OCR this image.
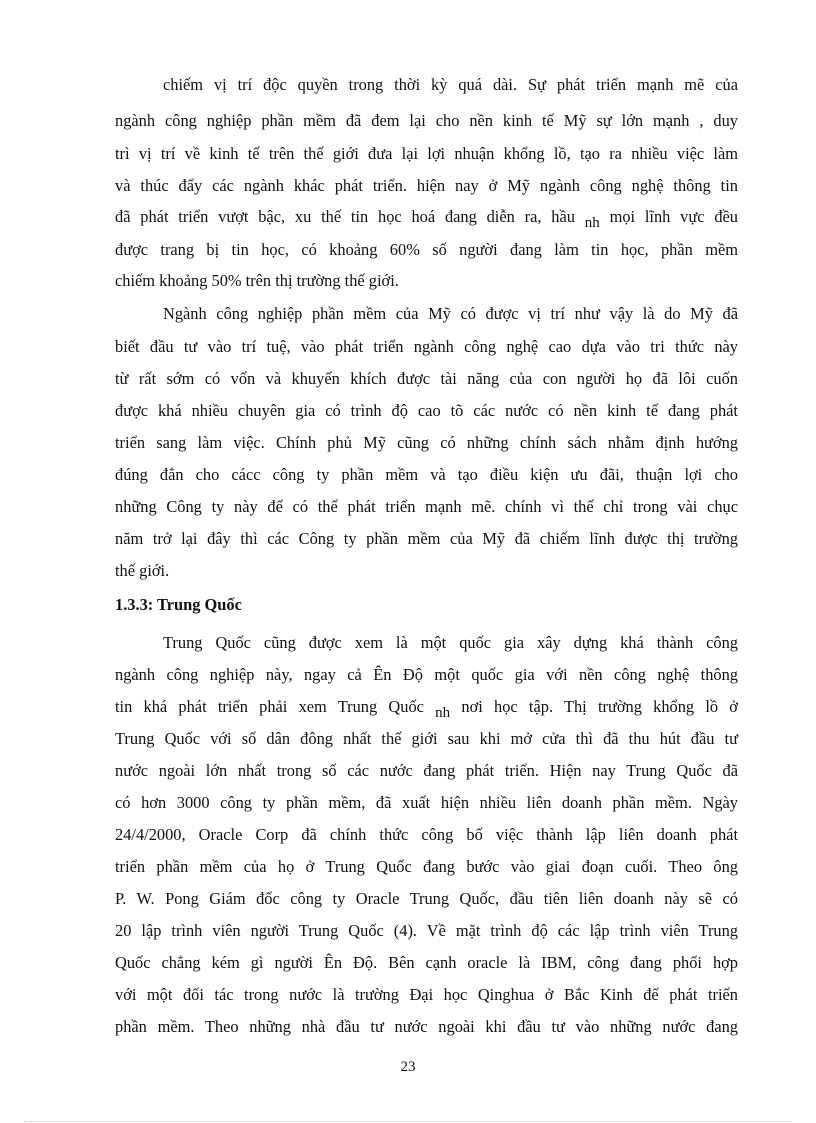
chiếm vị trí độc quyền trong thời kỳ quá dài. Sự phát triển mạnh mẽ của
ngành công nghiệp phần mềm đã đem lại cho nền kinh tế Mỹ sự lớn mạnh , duy
trì vị trí về kinh tế trên thế giới đưa lại lợi nhuận khổng lồ, tạo ra nhiều việc làm
và thúc đẩy các ngành khác phát triển. hiện nay ở Mỹ ngành công nghệ thông tin
đã phát triển vượt bậc, xu thế tin học hoá đang diễn ra, hầu nh mọi lĩnh vực đều
được trang bị tin học, có khoảng 60% số người đang làm tin học, phần mềm
chiếm khoảng 50% trên thị trường thế giới.
Ngành công nghiệp phần mềm của Mỹ có được vị trí như vậy là do Mỹ đã
biết đầu tư vào trí tuệ, vào phát triển ngành công nghệ cao dựa vào tri thức này
từ rất sớm có vốn và khuyến khích được tài năng của con người họ đã lôi cuốn
được khá nhiều chuyên gia có trình độ cao tõ các nước có nền kinh tế đang phát
triển sang làm việc. Chính phủ Mỹ cũng có những chính sách nhằm định hướng
đúng đắn cho cácc công ty phần mềm và tạo điều kiện ưu đãi, thuận lợi cho
những Công ty này để có thể phát triển mạnh mẽ. chính vì thế chỉ trong vài chục
năm trở lại đây thì các Công ty phần mềm của Mỹ đã chiếm lĩnh được thị trường
thế giới.
1.3.3: Trung Quốc
Trung Quốc cũng được xem là một quốc gia xây dựng khá thành công
ngành công nghiệp này, ngay cả Ên Độ một quốc gia với nền công nghệ thông
tin khá phát triển phải xem Trung Quốc nh nơi học tập. Thị trường khổng lồ ở
Trung Quốc với số dân đông nhất thế giới sau khi mở cửa thì đã thu hút đầu tư
nước ngoài lớn nhất trong số các nước đang phát triển. Hiện nay Trung Quốc đã
có hơn 3000 công ty phần mềm, đã xuất hiện nhiều liên doanh phần mềm. Ngày
24/4/2000, Oracle Corp đã chính thức công bố việc thành lập liên doanh phát
triển phần mềm của họ ở Trung Quốc đang bước vào giai đoạn cuối. Theo ông
P. W. Pong Giám đốc công ty Oracle Trung Quốc, đầu tiên liên doanh này sẽ có
20 lập trình viên người Trung Quốc (4). Về mặt trình độ các lập trình viên Trung
Quốc chẳng kém gì người Ên Độ. Bên cạnh oracle là IBM, công đang phối hợp
với một đối tác trong nước là trường Đại học Qinghua ở Bắc Kinh để phát triển
phần mềm. Theo những nhà đầu tư nước ngoài khi đầu tư vào những nước đang
23
